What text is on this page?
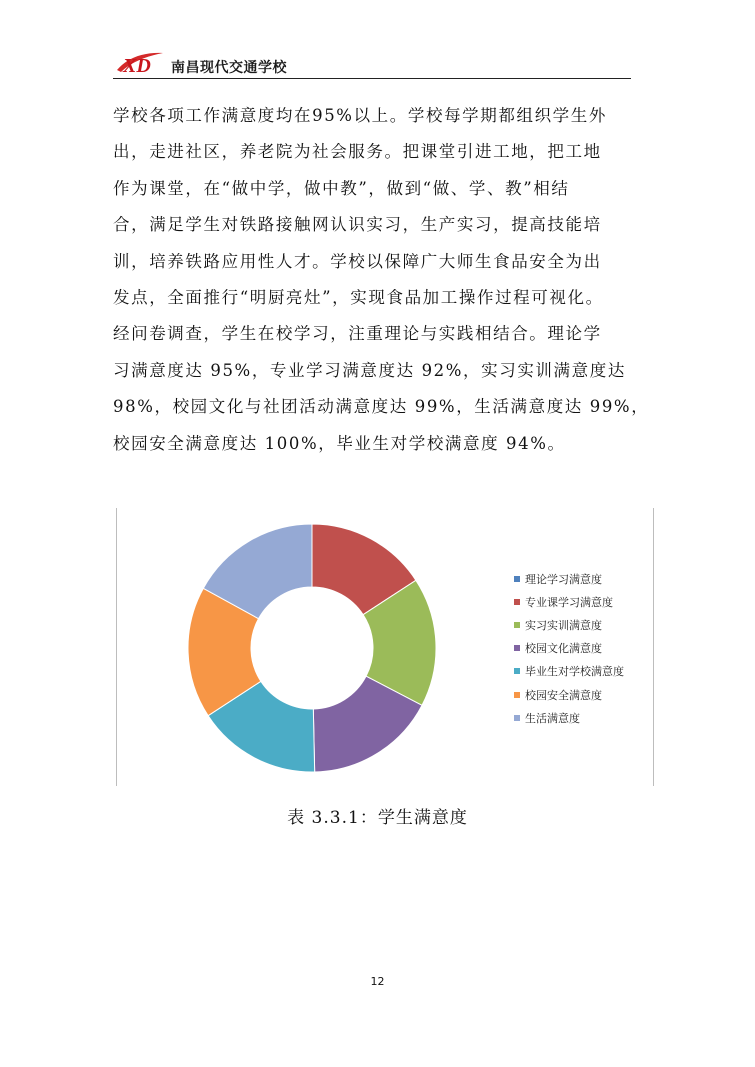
XD 南昌现代交通学校

学校各项工作满意度均在95%以上。学校每学期都组织学生外
出，走进社区，养老院为社会服务。把课堂引进工地，把工地
作为课堂，在“做中学，做中教”，做到“做、学、教”相结
合，满足学生对铁路接触网认识实习，生产实习，提高技能培
训，培养铁路应用性人才。学校以保障广大师生食品安全为出
发点，全面推行“明厨亮灶”，实现食品加工操作过程可视化。
经问卷调查，学生在校学习，注重理论与实践相结合。理论学
习满意度达 95%，专业学习满意度达 92%，实习实训满意度达
98%，校园文化与社团活动满意度达 99%，生活满意度达 99%，
校园安全满意度达 100%，毕业生对学校满意度 94%。

理论学习满意度
专业课学习满意度
实习实训满意度
校园文化满意度
毕业生对学校满意度
校园安全满意度
生活满意度
表 3.3.1：学生满意度
12
